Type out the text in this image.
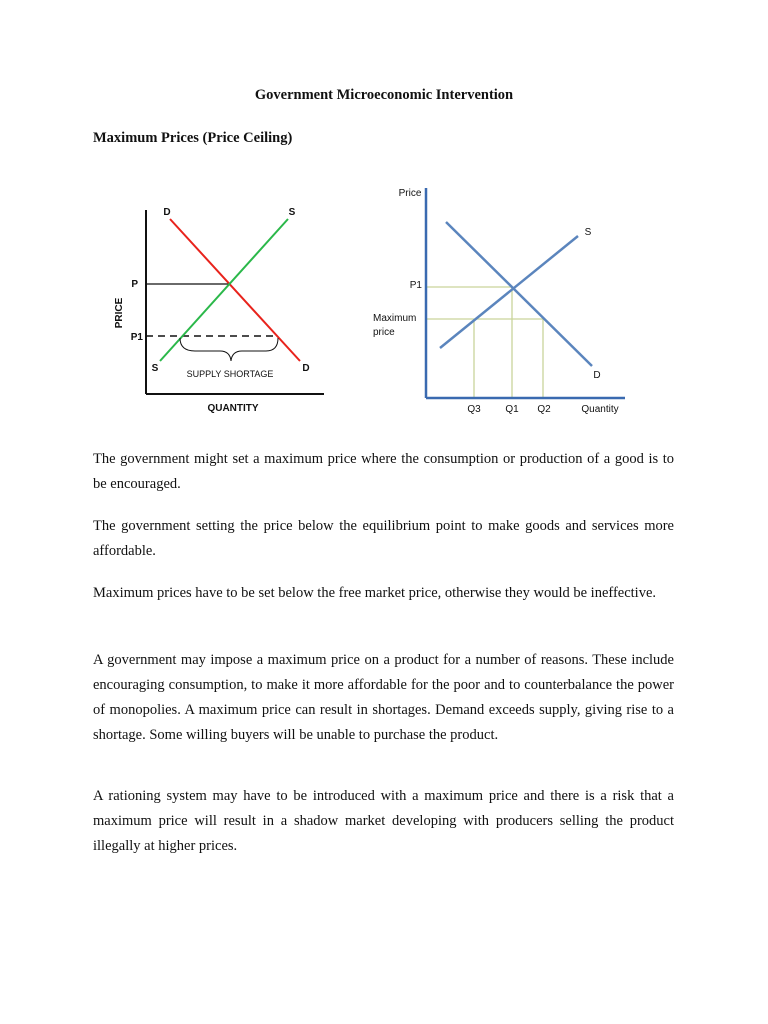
Government Microeconomic Intervention
Maximum Prices (Price Ceiling)
PRICE
QUANTITY
D	S
P
P1
S	D
SUPPLY SHORTAGE
Price
Quantity
S
D
P1
Maximum
price
Q3 Q1 Q2

The government might set a maximum price where the consumption or production of a good is to be encouraged.

The government setting the price below the equilibrium point to make goods and services more affordable.

Maximum prices have to be set below the free market price, otherwise they would be ineffective.

A government may impose a maximum price on a product for a number of reasons. These include encouraging consumption, to make it more affordable for the poor and to counterbalance the power of monopolies. A maximum price can result in shortages. Demand exceeds supply, giving rise to a shortage. Some willing buyers will be unable to purchase the product.

A rationing system may have to be introduced with a maximum price and there is a risk that a maximum price will result in a shadow market developing with producers selling the product illegally at higher prices.
